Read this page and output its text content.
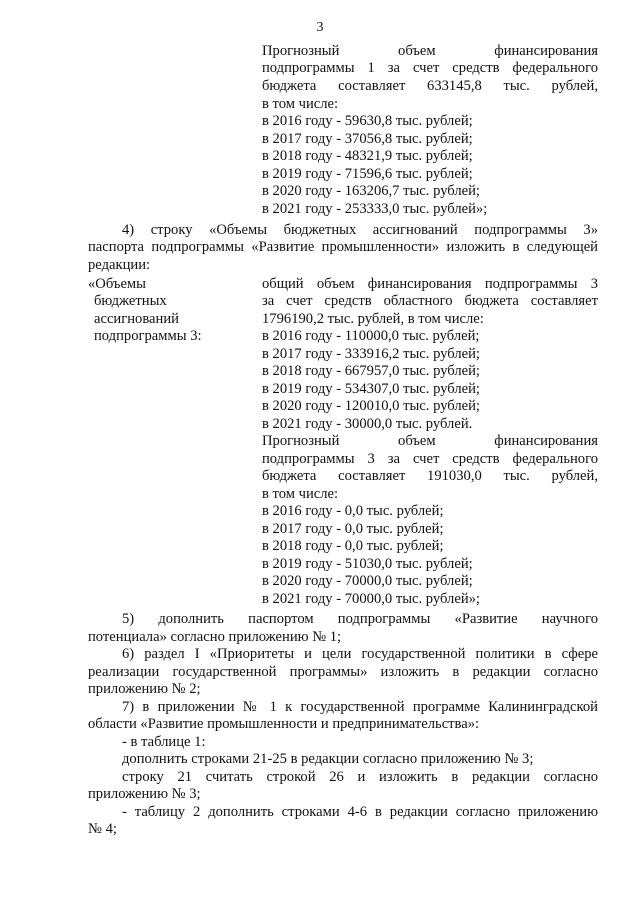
3
Прогнозный объем финансирования
подпрограммы 1 за счет средств федерального
бюджета составляет 633145,8 тыс. рублей,
в том числе:
в 2016 году - 59630,8 тыс. рублей;
в 2017 году - 37056,8 тыс. рублей;
в 2018 году - 48321,9 тыс. рублей;
в 2019 году - 71596,6 тыс. рублей;
в 2020 году - 163206,7 тыс. рублей;
в 2021 году - 253333,0 тыс. рублей»;
4) строку «Объемы бюджетных ассигнований подпрограммы 3»
паспорта подпрограммы «Развитие промышленности» изложить в следующей
редакции:
«Объемы
бюджетных
ассигнований
подпрограммы 3:
общий объем финансирования подпрограммы 3
за счет средств областного бюджета составляет
1796190,2 тыс. рублей, в том числе:
в 2016 году - 110000,0 тыс. рублей;
в 2017 году - 333916,2 тыс. рублей;
в 2018 году - 667957,0 тыс. рублей;
в 2019 году - 534307,0 тыс. рублей;
в 2020 году - 120010,0 тыс. рублей;
в 2021 году - 30000,0 тыс. рублей.
Прогнозный объем финансирования
подпрограммы 3 за счет средств федерального
бюджета составляет 191030,0 тыс. рублей,
в том числе:
в 2016 году - 0,0 тыс. рублей;
в 2017 году - 0,0 тыс. рублей;
в 2018 году - 0,0 тыс. рублей;
в 2019 году - 51030,0 тыс. рублей;
в 2020 году - 70000,0 тыс. рублей;
в 2021 году - 70000,0 тыс. рублей»;
5) дополнить паспортом подпрограммы «Развитие научного
потенциала» согласно приложению № 1;
6) раздел I «Приоритеты и цели государственной политики в сфере
реализации государственной программы» изложить в редакции согласно
приложению № 2;
7) в приложении № 1 к государственной программе Калининградской
области «Развитие промышленности и предпринимательства»:
- в таблице 1:
дополнить строками 21-25 в редакции согласно приложению № 3;
строку 21 считать строкой 26 и изложить в редакции согласно
приложению № 3;
- таблицу 2 дополнить строками 4-6 в редакции согласно приложению
№ 4;
